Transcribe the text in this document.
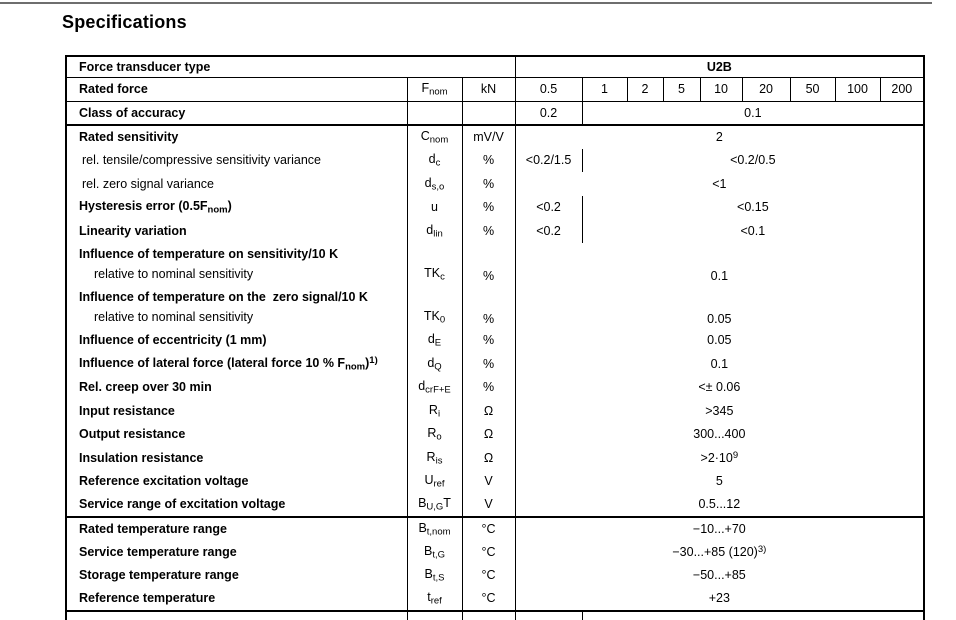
Specifications
Force transducer type			U2B								
Rated force	$F_{nom}$	kN	0.5	1	2	5	10	20	50	100	200
Class of accuracy			0.2	0.1							
Rated sensitivity	$C_{nom}$	mV/V	2								
rel. tensile/compressive sensitivity variance	$d_c$	%	<0.2/1.5	<0.2/0.5							
rel. zero signal variance	$d_{s,o}$	%	<1								
Hysteresis error $(0.5F_{nom})$	u	%	<0.2	<0.15							
Linearity variation	$d_{lin}$	%	<0.2	<0.1							

Influence of temperature on sensitivity/10 K
relative to nominal sensitivity	$TK_c$	%	0.1								

Influence of temperature on the  zero signal/10 K
relative to nominal sensitivity	$TK_0$	%	0.05								
Influence of eccentricity (1 mm)	$d_E$	%	0.05								
Influence of lateral force (lateral force 10 % $F_{nom})^{1)}$	$d_Q$	%	0.1								
Rel. creep over 30 min	$d_{crF+E}$	%	<± 0.06								
Input resistance	$R_i$	Ω	>345								
Output resistance	$R_o$	Ω	300...400								
Insulation resistance	$R_{is}$	Ω	$>2\cdot 10^9$
Reference excitation voltage	$U_{ref}$	V	5								
Service range of excitation voltage	$B_{U,G}T$	V	0.5...12								
Rated temperature range	$B_{t,nom}$	°C	−10...+70								
Service temperature range	$B_{t,G}$	°C	−30...+85 $(120)^{3)}$
Storage temperature range	$B_{t,S}$	°C	−50...+85								
Reference temperature	$t_{ref}$	°C	+23								
